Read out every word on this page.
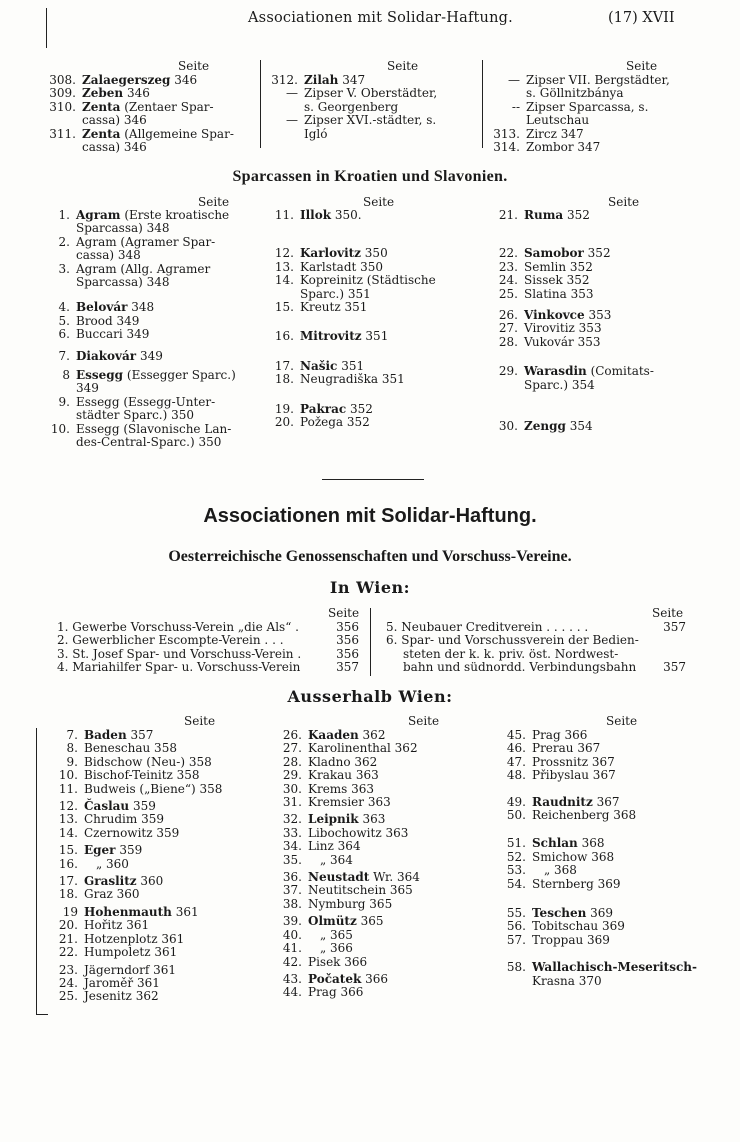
Associationen mit Solidar-Haftung.	(17) XVII
Seite	Seite	Seite
308. Zalaegerszeg 346
309. Zeben 346
310. Zenta (Zentaer Spar-
cassa) 346
311. Zenta (Allgemeine Spar-
cassa) 346
312. Zilah 347
— Zipser V. Oberstädter,
s. Georgenberg
— Zipser XVI.-städter, s.
Igló
— Zipser VII. Bergstädter,
s. Göllnitzbánya
-- Zipser Sparcassa, s.
Leutschau
313. Zircz 347
314. Zombor 347
Sparcassen in Kroatien und Slavonien.
Seite	Seite	Seite
1. Agram (Erste kroatische
Sparcassa) 348
2. Agram (Agramer Spar-
cassa) 348
3. Agram (Allg. Agramer
Sparcassa) 348
4. Belovár 348
5. Brood 349
6. Buccari 349
7. Diakovár 349
8 Essegg (Essegger Sparc.)
349
9. Essegg (Essegg-Unter-
städter Sparc.) 350
10. Essegg (Slavonische Lan-
des-Central-Sparc.) 350
11. Illok 350.
12. Karlovitz 350
13. Karlstadt 350
14. Kopreinitz (Städtische
Sparc.) 351
15. Kreutz 351
16. Mitrovitz 351
17. Našic 351
18. Neugradiška 351
19. Pakrac 352
20. Požega 352
21. Ruma 352
22. Samobor 352
23. Semlin 352
24. Sissek 352
25. Slatina 353
26. Vinkovce 353
27. Virovitiz 353
28. Vukovár 353
29. Warasdin (Comitats-
Sparc.) 354
30. Zengg 354
Associationen mit Solidar-Haftung.
Oesterreichische Genossenschaften und Vorschuss-Vereine.
In Wien:
Seite	Seite
1. Gewerbe Vorschuss-Verein „die Als“ .	356
2. Gewerblicher Escompte-Verein . . .	356
3. St. Josef Spar- und Vorschuss-Verein .	356
4. Mariahilfer Spar- u. Vorschuss-Verein	357
5. Neubauer Creditverein . . . . . .	357
6. Spar- und Vorschussverein der Bedien-
steten der k. k. priv. öst. Nordwest-
bahn und südnordd. Verbindungsbahn 357
Ausserhalb Wien:
Seite	Seite	Seite
7. Baden 357
8. Beneschau 358
9. Bidschow (Neu-) 358
10. Bischof-Teinitz 358
11. Budweis („Biene“) 358
12. Časlau 359
13. Chrudim 359
14. Czernowitz 359
15. Eger 359
16. „ 360
17. Graslitz 360
18. Graz 360
19 Hohenmauth 361
20. Hořitz 361
21. Hotzenplotz 361
22. Humpoletz 361
23. Jägerndorf 361
24. Jaroměř 361
25. Jesenitz 362
26. Kaaden 362
27. Karolinenthal 362
28. Kladno 362
29. Krakau 363
30. Krems 363
31. Kremsier 363
32. Leipnik 363
33. Libochowitz 363
34. Linz 364
35. „ 364
36. Neustadt Wr. 364
37. Neutitschein 365
38. Nymburg 365
39. Olmütz 365
40. „ 365
41. „ 366
42. Pisek 366
43. Počatek 366
44. Prag 366
45. Prag 366
46. Prerau 367
47. Prossnitz 367
48. Přibyslau 367
49. Raudnitz 367
50. Reichenberg 368
51. Schlan 368
52. Smichow 368
53. „ 368
54. Sternberg 369
55. Teschen 369
56. Tobitschau 369
57. Troppau 369
58. Wallachisch-Meseritsch-
Krasna 370
